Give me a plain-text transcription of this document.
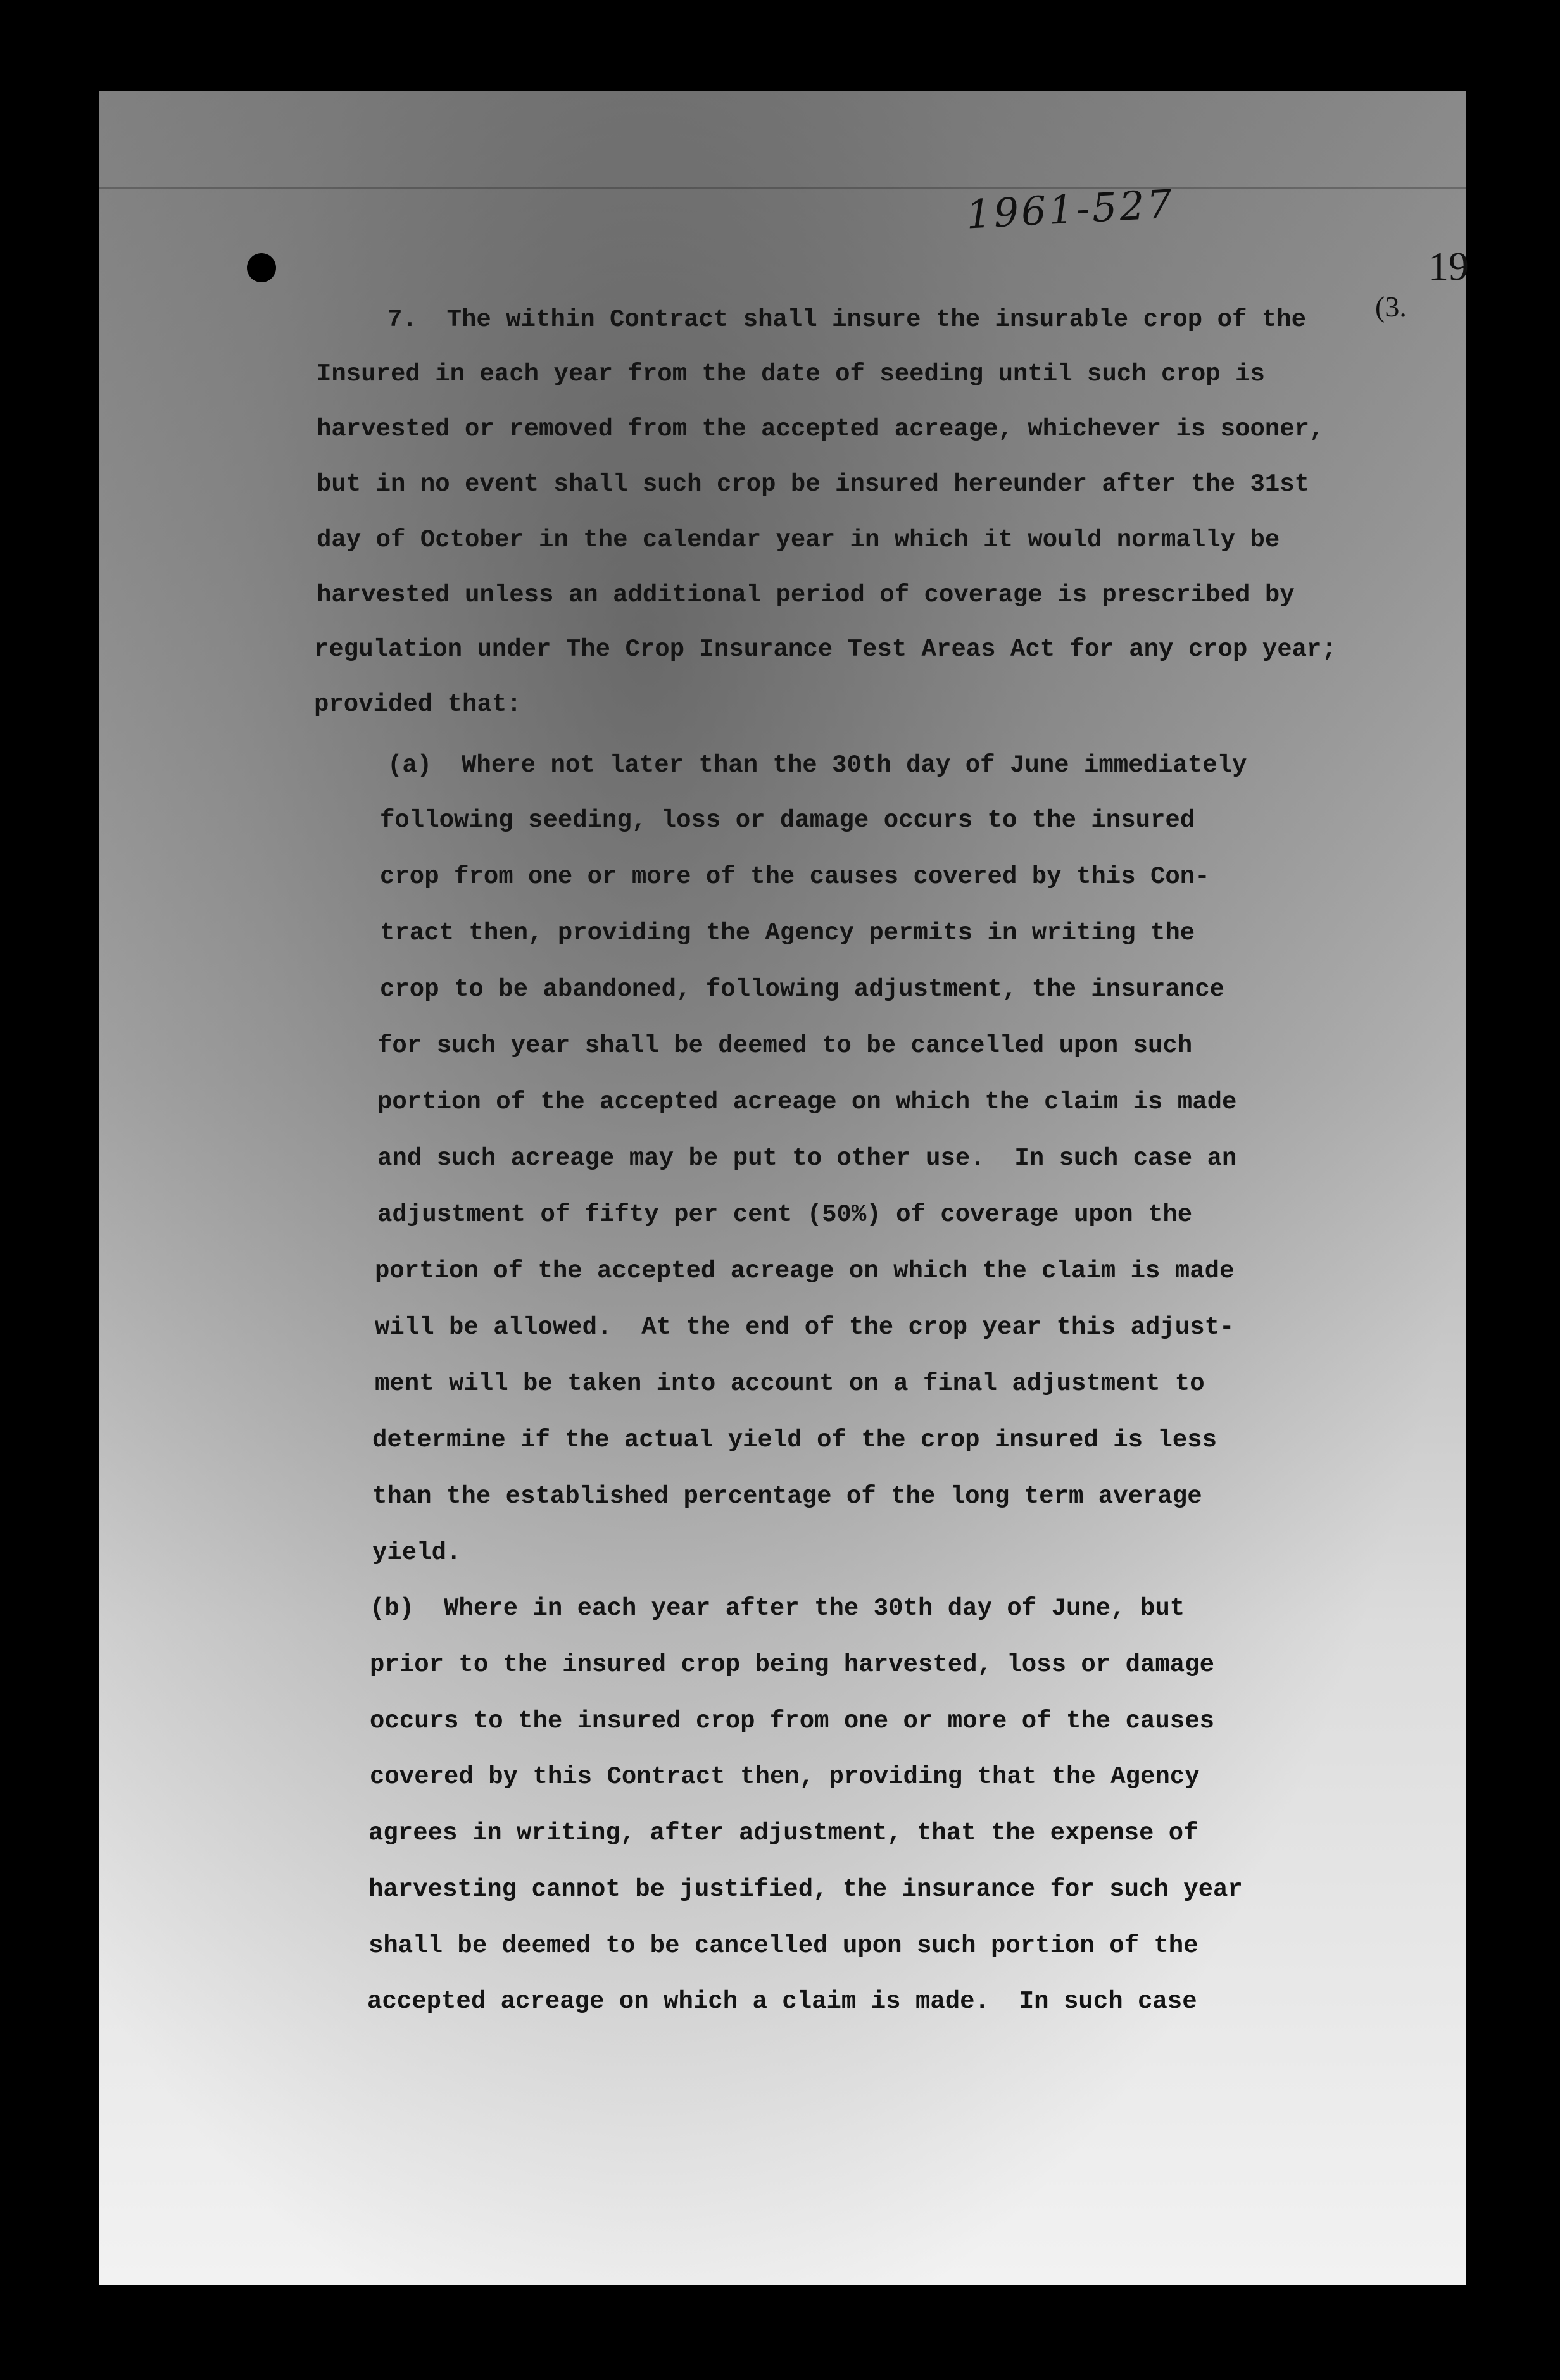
1961-527
19
(3.
7.  The within Contract shall insure the insurable crop of the
Insured in each year from the date of seeding until such crop is
harvested or removed from the accepted acreage, whichever is sooner,
but in no event shall such crop be insured hereunder after the 31st
day of October in the calendar year in which it would normally be
harvested unless an additional period of coverage is prescribed by
regulation under The Crop Insurance Test Areas Act for any crop year;
provided that:
(a)  Where not later than the 30th day of June immediately
following seeding, loss or damage occurs to the insured
crop from one or more of the causes covered by this Con-
tract then, providing the Agency permits in writing the
crop to be abandoned, following adjustment, the insurance
for such year shall be deemed to be cancelled upon such
portion of the accepted acreage on which the claim is made
and such acreage may be put to other use.  In such case an
adjustment of fifty per cent (50%) of coverage upon the
portion of the accepted acreage on which the claim is made
will be allowed.  At the end of the crop year this adjust-
ment will be taken into account on a final adjustment to
determine if the actual yield of the crop insured is less
than the established percentage of the long term average
yield.
(b)  Where in each year after the 30th day of June, but
prior to the insured crop being harvested, loss or damage
occurs to the insured crop from one or more of the causes
covered by this Contract then, providing that the Agency
agrees in writing, after adjustment, that the expense of
harvesting cannot be justified, the insurance for such year
shall be deemed to be cancelled upon such portion of the
accepted acreage on which a claim is made.  In such case
